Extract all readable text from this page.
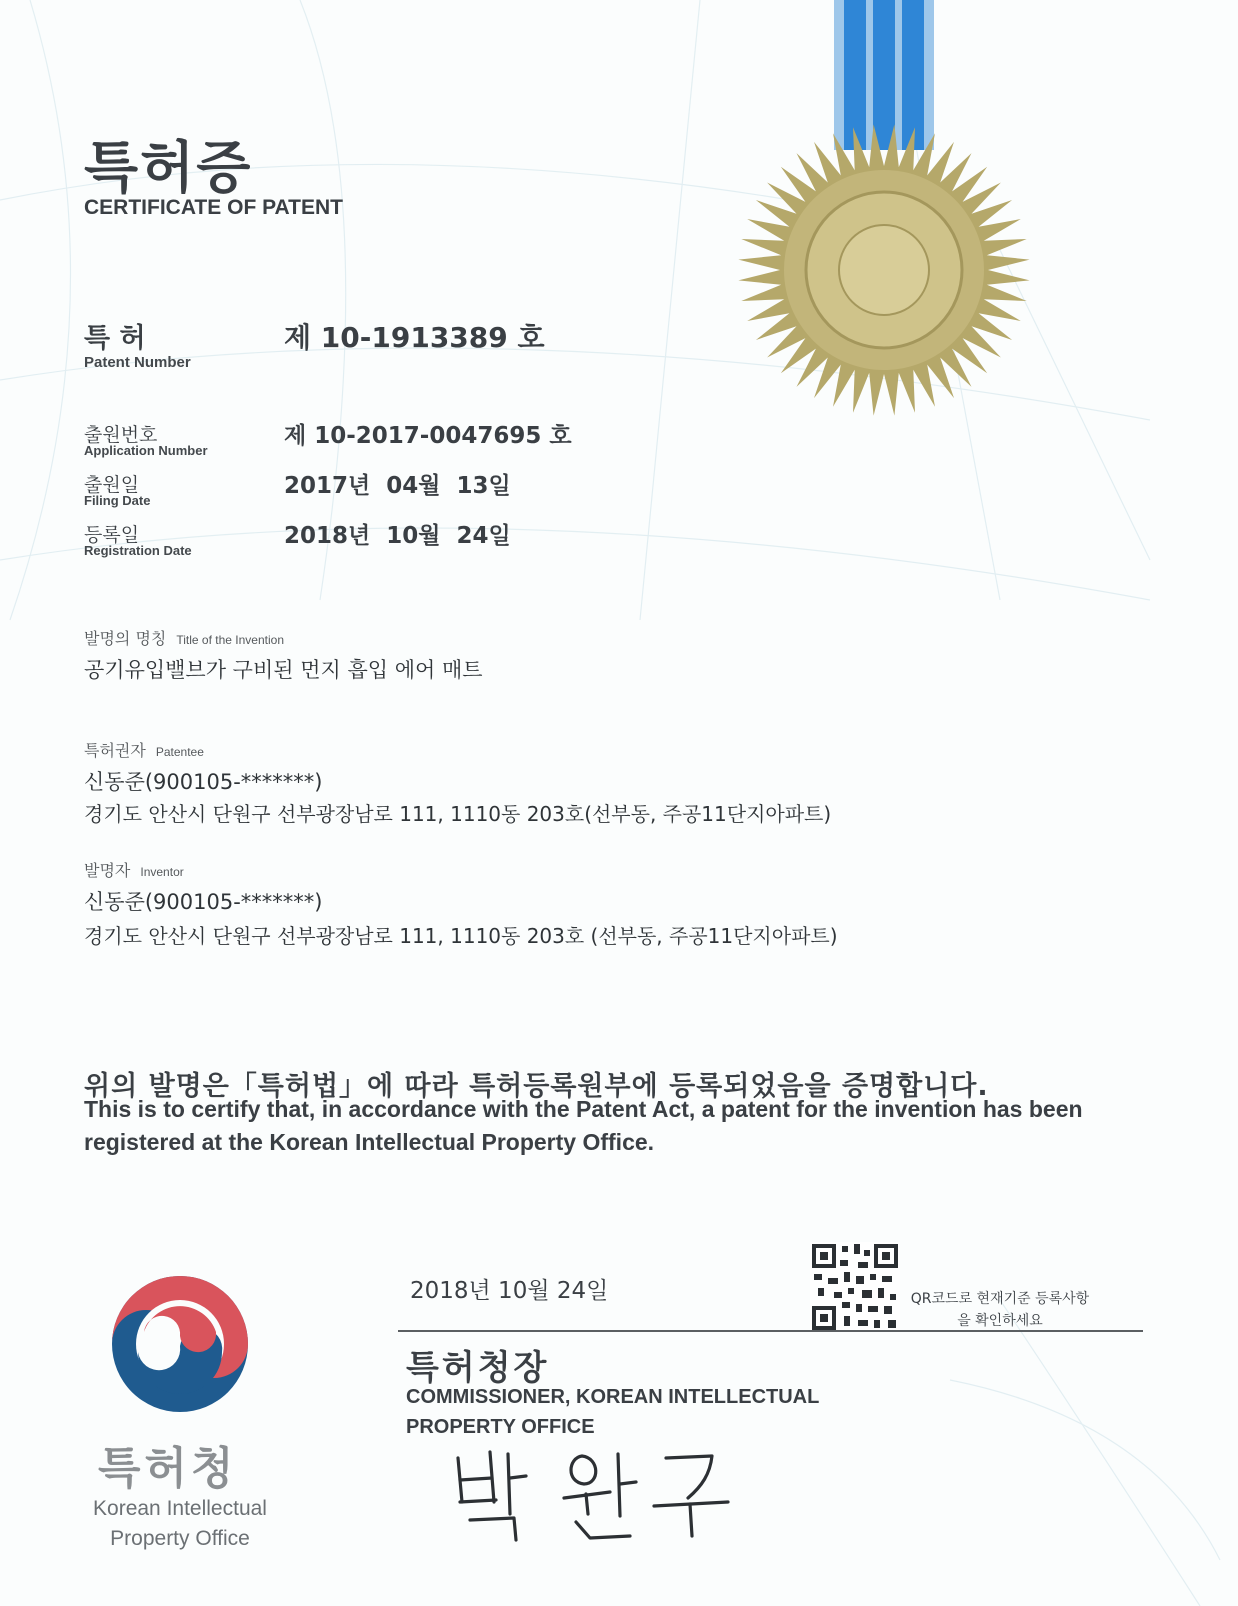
특허증
CERTIFICATE OF PATENT
특 허
Patent Number
제 10-1913389 호
출원번호
Application Number
제 10-2017-0047695 호
출원일
Filing Date
2017년  04월  13일
등록일
Registration Date
2018년  10월  24일
발명의 명칭 Title of the Invention
공기유입밸브가 구비된 먼지 흡입 에어 매트
특허권자 Patentee
신동준(900105-*******)
경기도 안산시 단원구 선부광장남로 111, 1110동 203호(선부동, 주공11단지아파트)
발명자 Inventor
신동준(900105-*******)
경기도 안산시 단원구 선부광장남로 111, 1110동 203호 (선부동, 주공11단지아파트)
위의 발명은「특허법」에 따라 특허등록원부에 등록되었음을 증명합니다.
This is to certify that, in accordance with the Patent Act, a patent for the invention has been registered at the Korean Intellectual Property Office.
2018년 10월 24일	QR코드로 현재기준 등록사항을 확인하세요
특허청장
COMMISSIONER, KOREAN INTELLECTUAL PROPERTY OFFICE
특허청
Korean Intellectual Property Office
